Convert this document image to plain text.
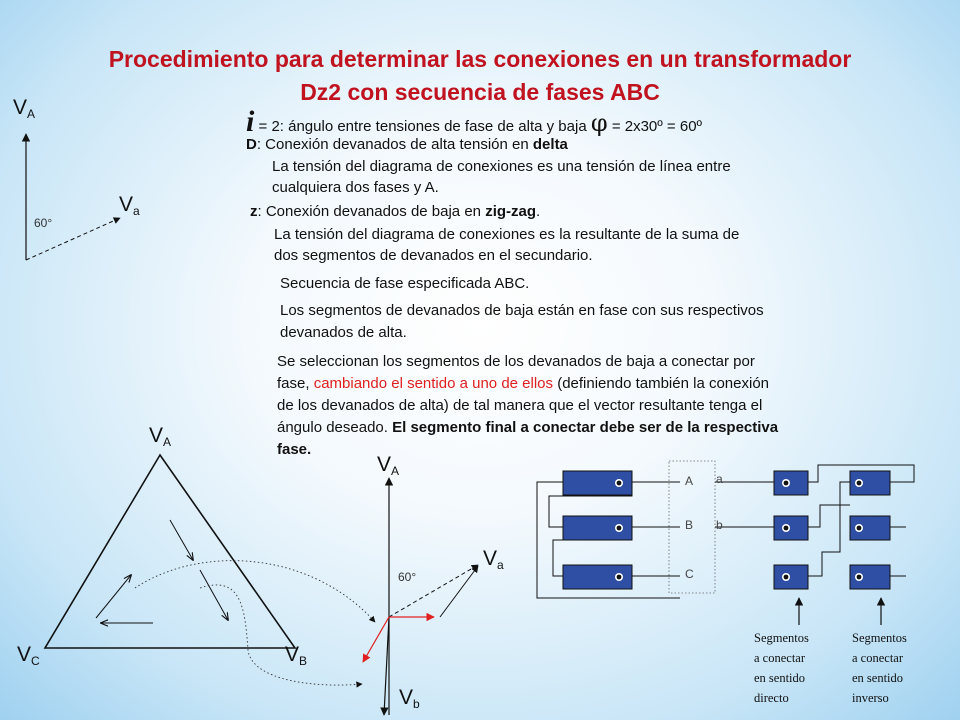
Procedimiento para determinar las conexiones en un transformador
Dz2 con secuencia de fases ABC
i = 2: ángulo entre tensiones de fase de alta y baja φ = 2x30º = 60º
D: Conexión devanados de alta tensión en delta
La tensión del diagrama de conexiones es una tensión de línea entre
cualquiera dos fases y A.
z: Conexión devanados de baja en zig-zag.
La tensión del diagrama de conexiones es la resultante de la suma de
dos segmentos de devanados en el secundario.
Secuencia de fase especificada ABC.
Los segmentos de devanados de baja están en fase con sus respectivos
devanados de alta.
Se seleccionan los segmentos de los devanados de baja a conectar por
fase, cambiando el sentido a uno de ellos (definiendo también la conexión
de los devanados de alta) de tal manera que el vector resultante tenga el
ángulo deseado. El segmento final a conectar debe ser de la respectiva
fase.
$V_A$
$V_a$
60°
$V_A$
$V_C$	$V_B$
$V_A$
$V_a$
$V_b$
60°
A a
B b
C
Segmentos
a conectar
en sentido
directo
Segmentos
a conectar
en sentido
inverso
